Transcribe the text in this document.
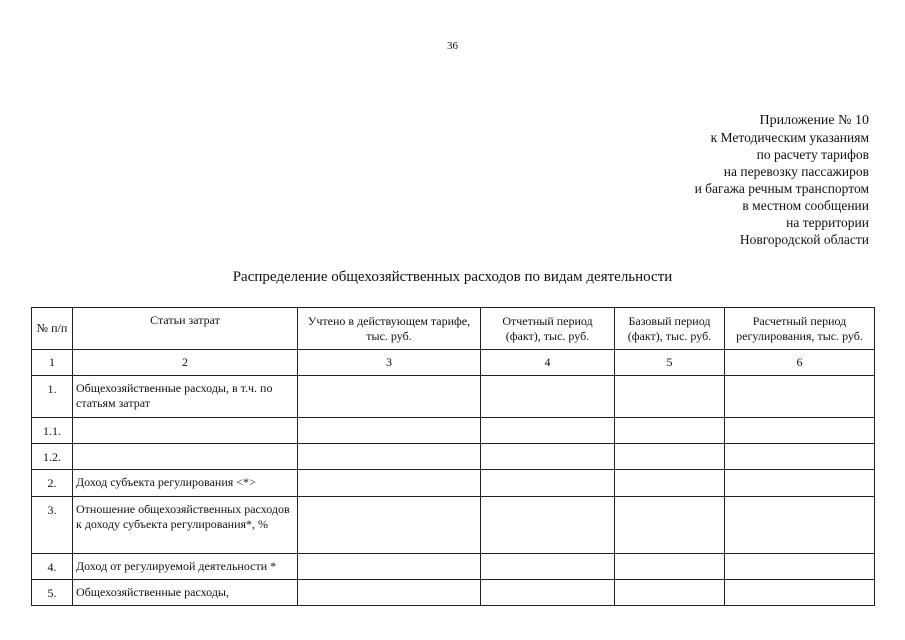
36
Приложение № 10
к Методическим указаниям
по расчету тарифов
на перевозку пассажиров
и багажа речным транспортом
в местном сообщении
на территории
Новгородской области
Распределение общехозяйственных расходов по видам деятельности
№ п/п	Статьи затрат	Учтено в действующем тарифе, тыс. руб.	Отчетный период (факт), тыс. руб.	Базовый период (факт), тыс. руб.	Расчетный период регулирования, тыс. руб.
1	2	3	4	5	6
1.	Общехозяйственные расходы, в т.ч. по статьям затрат				
1.1.					
1.2.					
2.	Доход субъекта регулирования <*>				
3.	Отношение общехозяйственных расходов к доходу субъекта регулирования*, %				
4.	Доход от регулируемой деятельности *				
5.	Общехозяйственные расходы,				
